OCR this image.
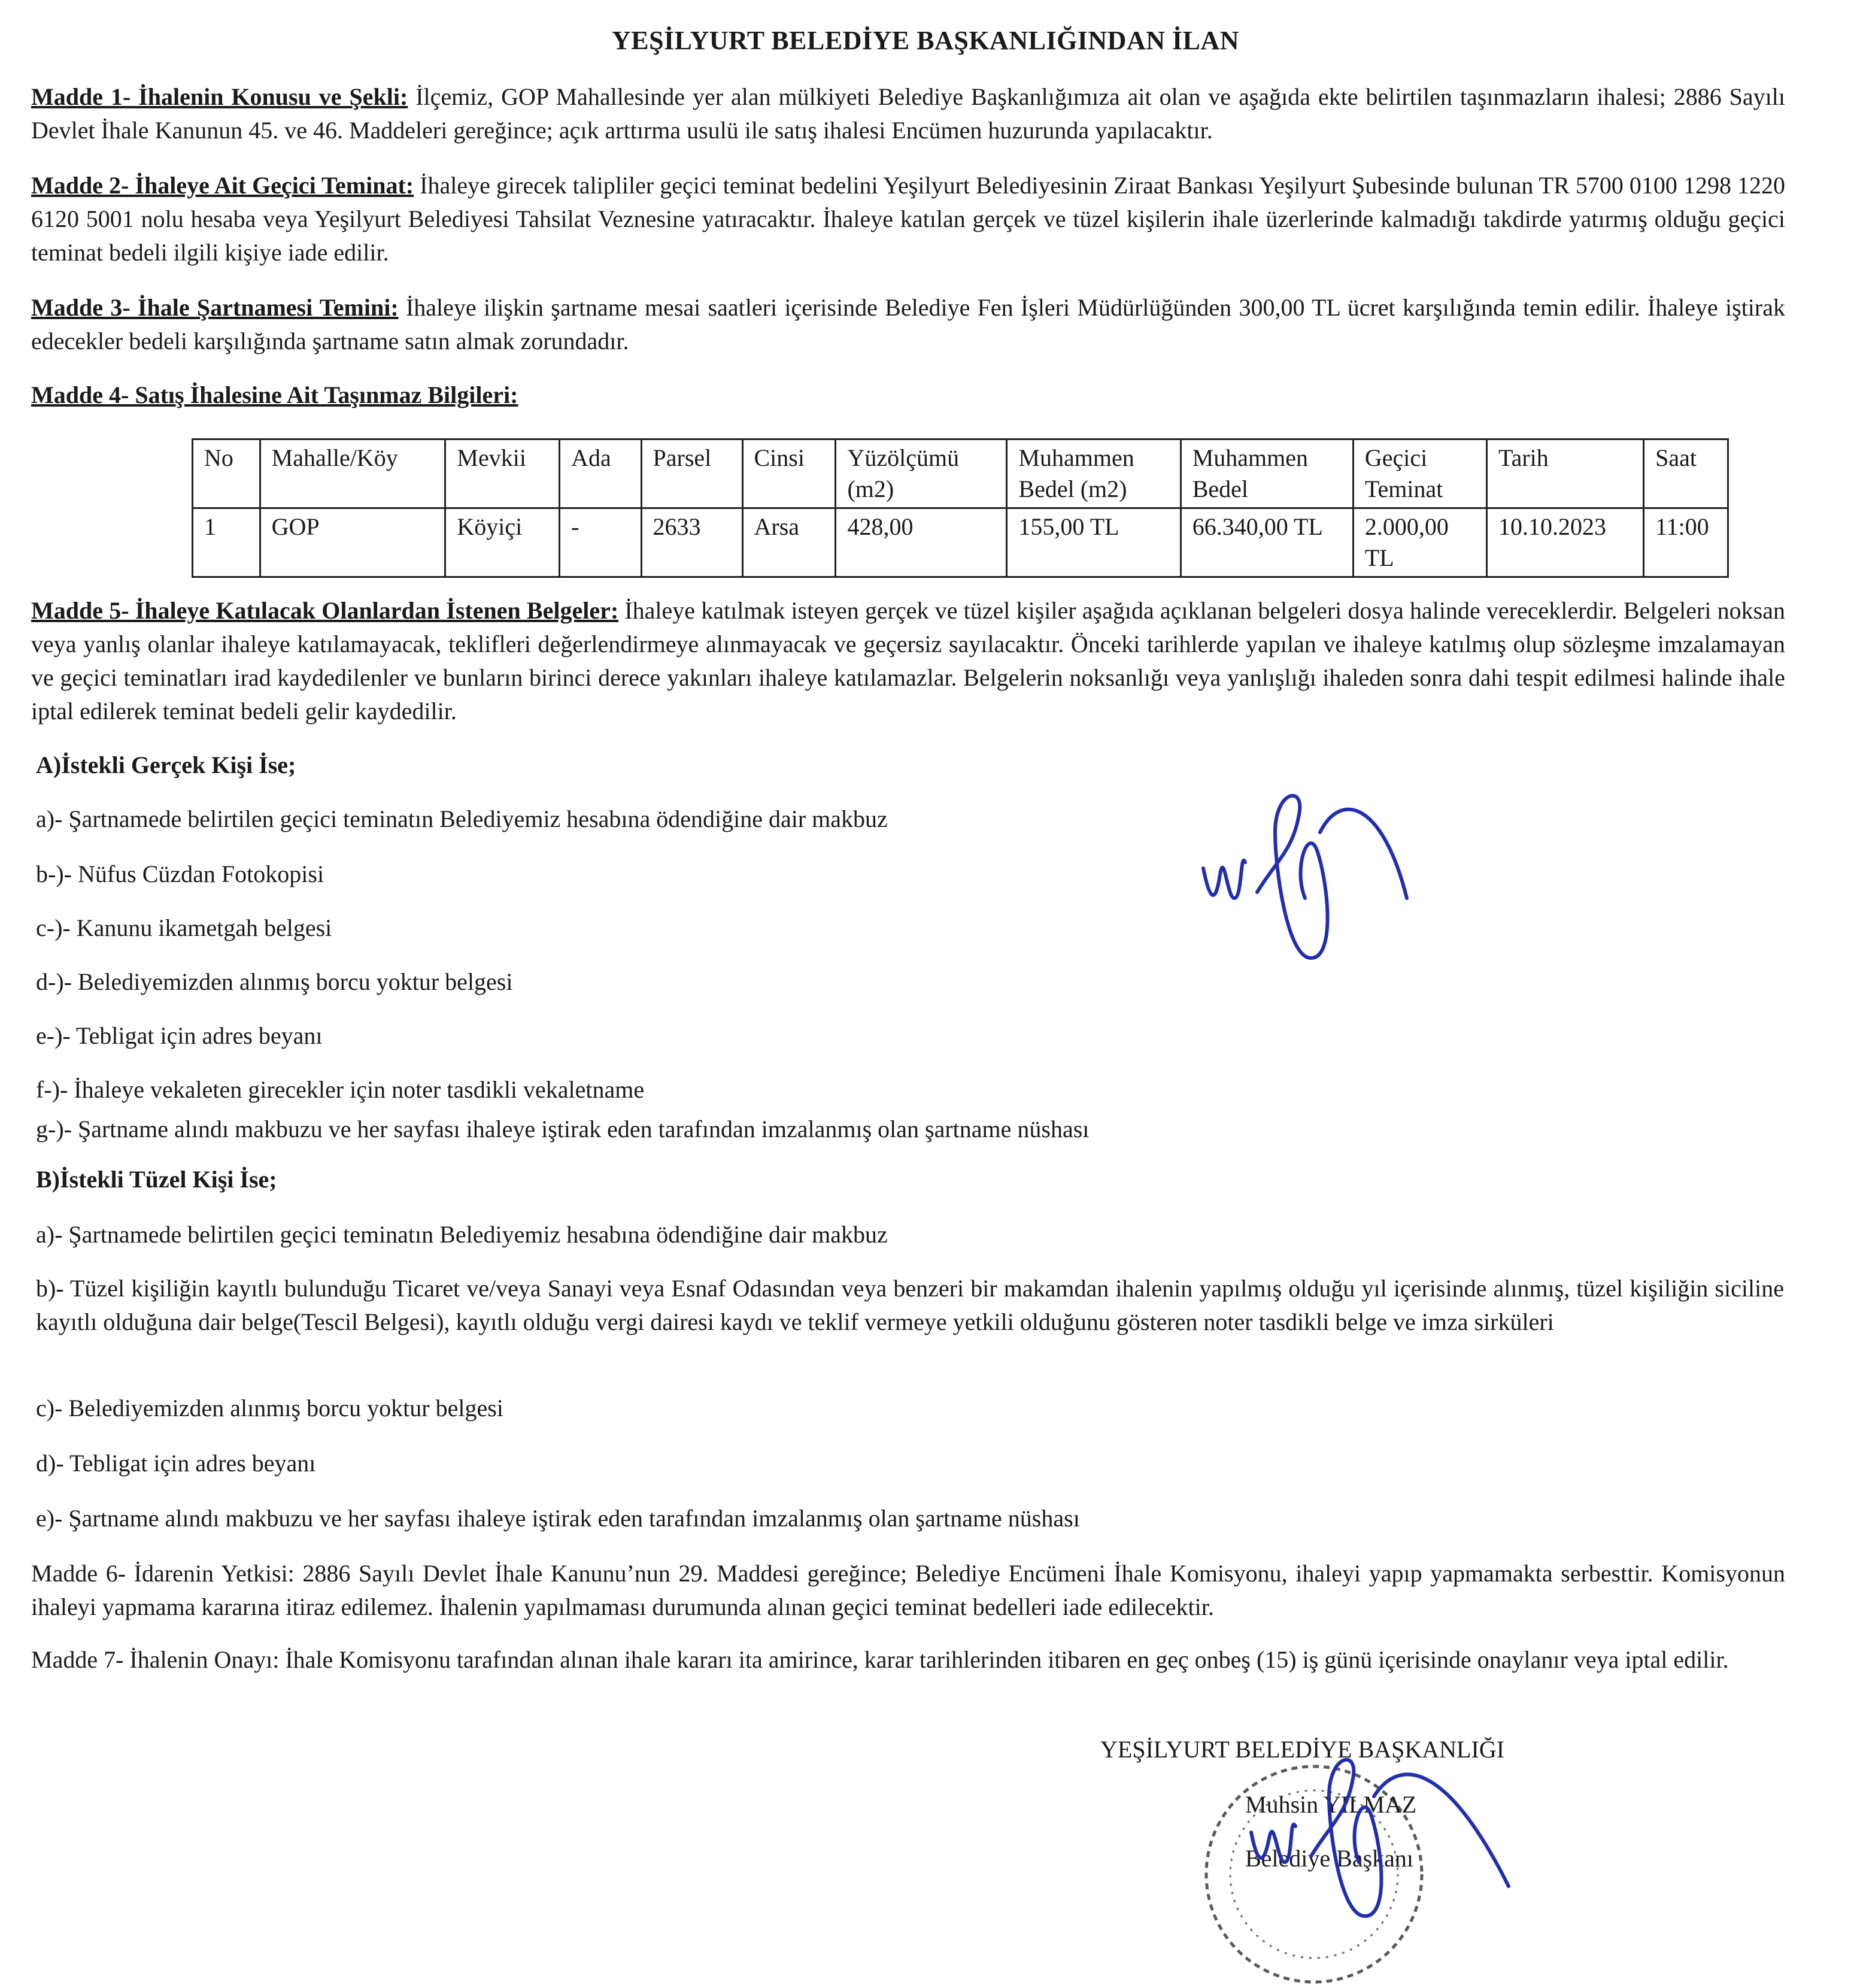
YEŞİLYURT BELEDİYE BAŞKANLIĞINDAN İLAN

Madde 1- İhalenin Konusu ve Şekli: İlçemiz, GOP Mahallesinde yer alan mülkiyeti Belediye Başkanlığımıza ait olan ve aşağıda ekte belirtilen taşınmazların ihalesi; 2886 Sayılı Devlet İhale Kanunun 45. ve 46. Maddeleri gereğince; açık arttırma usulü ile satış ihalesi Encümen huzurunda yapılacaktır.

Madde 2- İhaleye Ait Geçici Teminat: İhaleye girecek talipliler geçici teminat bedelini Yeşilyurt Belediyesinin Ziraat Bankası Yeşilyurt Şubesinde bulunan TR 5700 0100 1298 1220 6120 5001 nolu hesaba veya Yeşilyurt Belediyesi Tahsilat Veznesine yatıracaktır. İhaleye katılan gerçek ve tüzel kişilerin ihale üzerlerinde kalmadığı takdirde yatırmış olduğu geçici teminat bedeli ilgili kişiye iade edilir.

Madde 3- İhale Şartnamesi Temini: İhaleye ilişkin şartname mesai saatleri içerisinde Belediye Fen İşleri Müdürlüğünden 300,00 TL ücret karşılığında temin edilir. İhaleye iştirak edecekler bedeli karşılığında şartname satın almak zorundadır.

Madde 4- Satış İhalesine Ait Taşınmaz Bilgileri:
No	Mahalle/Köy	Mevkii	Ada	Parsel	Cinsi	Yüzölçümü (m2)	Muhammen Bedel (m2)	Muhammen Bedel	Geçici Teminat	Tarih	Saat
1	GOP	Köyiçi	-	2633	Arsa	428,00	155,00 TL	66.340,00 TL	2.000,00 TL	10.10.2023	11:00

Madde 5- İhaleye Katılacak Olanlardan İstenen Belgeler: İhaleye katılmak isteyen gerçek ve tüzel kişiler aşağıda açıklanan belgeleri dosya halinde vereceklerdir. Belgeleri noksan veya yanlış olanlar ihaleye katılamayacak, teklifleri değerlendirmeye alınmayacak ve geçersiz sayılacaktır. Önceki tarihlerde yapılan ve ihaleye katılmış olup sözleşme imzalamayan ve geçici teminatları irad kaydedilenler ve bunların birinci derece yakınları ihaleye katılamazlar. Belgelerin noksanlığı veya yanlışlığı ihaleden sonra dahi tespit edilmesi halinde ihale iptal edilerek teminat bedeli gelir kaydedilir.

A)İstekli Gerçek Kişi İse;
a)- Şartnamede belirtilen geçici teminatın Belediyemiz hesabına ödendiğine dair makbuz
b-)- Nüfus Cüzdan Fotokopisi
c-)- Kanunu ikametgah belgesi
d-)- Belediyemizden alınmış borcu yoktur belgesi
e-)- Tebligat için adres beyanı
f-)- İhaleye vekaleten girecekler için noter tasdikli vekaletname
g-)- Şartname alındı makbuzu ve her sayfası ihaleye iştirak eden tarafından imzalanmış olan şartname nüshası
B)İstekli Tüzel Kişi İse;
a)- Şartnamede belirtilen geçici teminatın Belediyemiz hesabına ödendiğine dair makbuz
b)- Tüzel kişiliğin kayıtlı bulunduğu Ticaret ve/veya Sanayi veya Esnaf Odasından veya benzeri bir makamdan ihalenin yapılmış olduğu yıl içerisinde alınmış, tüzel kişiliğin siciline kayıtlı olduğuna dair belge(Tescil Belgesi), kayıtlı olduğu vergi dairesi kaydı ve teklif vermeye yetkili olduğunu gösteren noter tasdikli belge ve imza sirküleri
c)- Belediyemizden alınmış borcu yoktur belgesi
d)- Tebligat için adres beyanı
e)- Şartname alındı makbuzu ve her sayfası ihaleye iştirak eden tarafından imzalanmış olan şartname nüshası

Madde 6- İdarenin Yetkisi: 2886 Sayılı Devlet İhale Kanunu’nun 29. Maddesi gereğince; Belediye Encümeni İhale Komisyonu, ihaleyi yapıp yapmamakta serbesttir. Komisyonun ihaleyi yapmama kararına itiraz edilemez. İhalenin yapılmaması durumunda alınan geçici teminat bedelleri iade edilecektir.

Madde 7- İhalenin Onayı: İhale Komisyonu tarafından alınan ihale kararı ita amirince, karar tarihlerinden itibaren en geç onbeş (15) iş günü içerisinde onaylanır veya iptal edilir.

YEŞİLYURT BELEDİYE BAŞKANLIĞI
Muhsin YILMAZ
Belediye Başkanı
